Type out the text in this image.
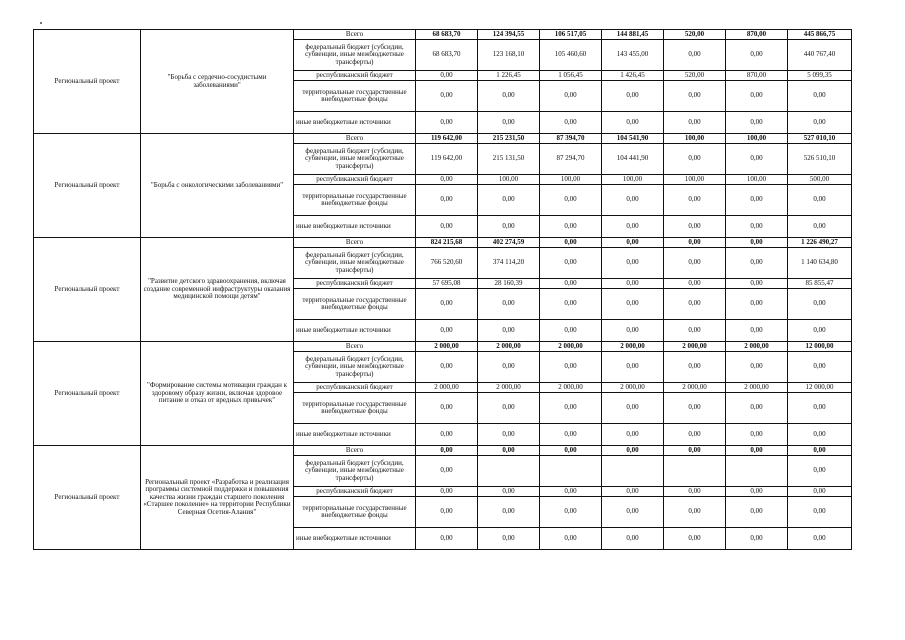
Региональный проект	"Борьба с сердечно-сосудистыми заболеваниями"	Всего	68 683,70	124 394,55	106 517,05	144 881,45	520,00	870,00	445 866,75
		федеральный бюджет (субсидии, субвенции, иные межбюджетные трансферты)	68 683,70	123 168,10	105 460,60	143 455,00	0,00	0,00	440 767,40
		республиканский бюджет	0,00	1 226,45	1 056,45	1 426,45	520,00	870,00	5 099,35
		территориальные государственные внебюджетные фонды	0,00	0,00	0,00	0,00	0,00	0,00	0,00
		иные внебюджетные источники	0,00	0,00	0,00	0,00	0,00	0,00	0,00
Региональный проект	"Борьба с онкологическими заболеваниями"	Всего	119 642,00	215 231,50	87 394,70	104 541,90	100,00	100,00	527 010,10
		федеральный бюджет (субсидии, субвенции, иные межбюджетные трансферты)	119 642,00	215 131,50	87 294,70	104 441,90	0,00	0,00	526 510,10
		республиканский бюджет	0,00	100,00	100,00	100,00	100,00	100,00	500,00
		территориальные государственные внебюджетные фонды	0,00	0,00	0,00	0,00	0,00	0,00	0,00
		иные внебюджетные источники	0,00	0,00	0,00	0,00	0,00	0,00	0,00
Региональный проект	"Развитие детского здравоохранения, включая создание современной инфраструктуры оказания медицинской помощи детям"	Всего	824 215,68	402 274,59	0,00	0,00	0,00	0,00	1 226 490,27
		федеральный бюджет (субсидии, субвенции, иные межбюджетные трансферты)	766 520,60	374 114,20	0,00	0,00	0,00	0,00	1 140 634,80
		республиканский бюджет	57 695,08	28 160,39	0,00	0,00	0,00	0,00	85 855,47
		территориальные государственные внебюджетные фонды	0,00	0,00	0,00	0,00	0,00	0,00	0,00
		иные внебюджетные источники	0,00	0,00	0,00	0,00	0,00	0,00	0,00
Региональный проект	"Формирование системы мотивации граждан к здоровому образу жизни, включая здоровое питание и отказ от вредных привычек"	Всего	2 000,00	2 000,00	2 000,00	2 000,00	2 000,00	2 000,00	12 000,00
		федеральный бюджет (субсидии, субвенции, иные межбюджетные трансферты)	0,00	0,00	0,00	0,00	0,00	0,00	0,00
		республиканский бюджет	2 000,00	2 000,00	2 000,00	2 000,00	2 000,00	2 000,00	12 000,00
		территориальные государственные внебюджетные фонды	0,00	0,00	0,00	0,00	0,00	0,00	0,00
		иные внебюджетные источники	0,00	0,00	0,00	0,00	0,00	0,00	0,00
Региональный проект	Региональный проект «Разработка и реализация программы системной поддержки и повышения качества жизни граждан старшего поколения «Старшее поколение» на территории Республики Северная Осетия-Алания"	Всего	0,00	0,00	0,00	0,00	0,00	0,00	0,00
		федеральный бюджет (субсидии, субвенции, иные межбюджетные трансферты)	0,00						0,00
		республиканский бюджет	0,00	0,00	0,00	0,00	0,00	0,00	0,00
		территориальные государственные внебюджетные фонды	0,00	0,00	0,00	0,00	0,00	0,00	0,00
		иные внебюджетные источники	0,00	0,00	0,00	0,00	0,00	0,00	0,00
